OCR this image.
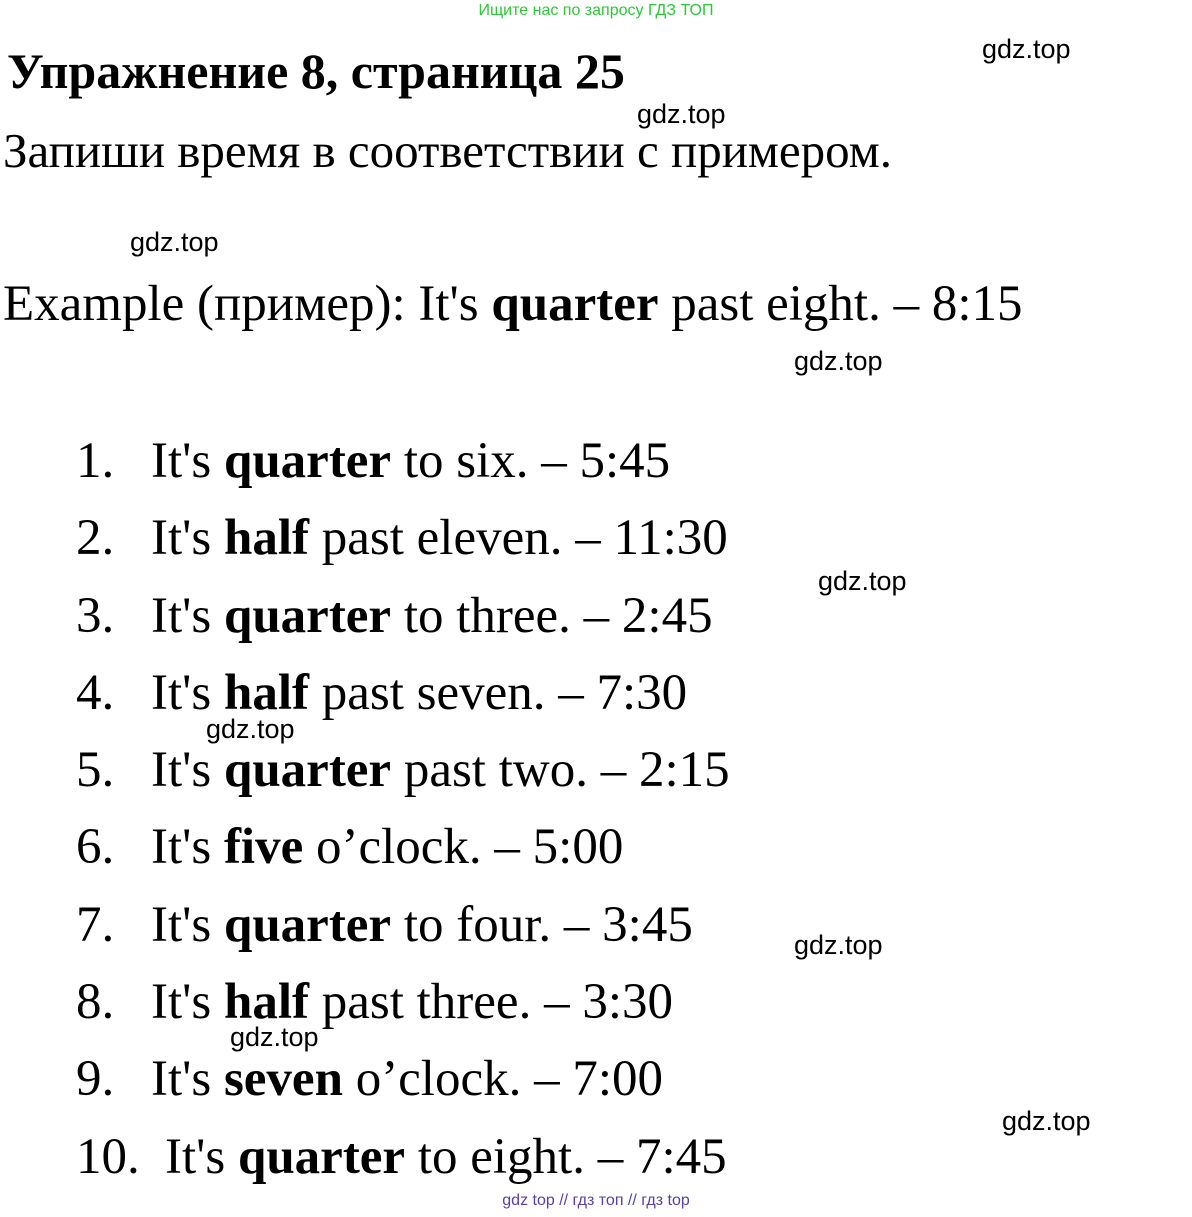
Ищите нас по запросу ГДЗ ТОП
Упражнение 8, страница 25
Запиши время в соответствии с примером.
Example (пример): It's quarter past eight. – 8:15
1. It's quarter to six. – 5:45
2. It's half past eleven. – 11:30
3. It's quarter to three. – 2:45
4. It's half past seven. – 7:30
5. It's quarter past two. – 2:15
6. It's five o’clock. – 5:00
7. It's quarter to four. – 3:45
8. It's half past three. – 3:30
9. It's seven o’clock. – 7:00
10. It's quarter to eight. – 7:45
gdz.top
gdz.top
gdz.top
gdz.top
gdz.top
gdz.top
gdz.top
gdz.top
gdz.top
gdz top // гдз топ // гдз top
